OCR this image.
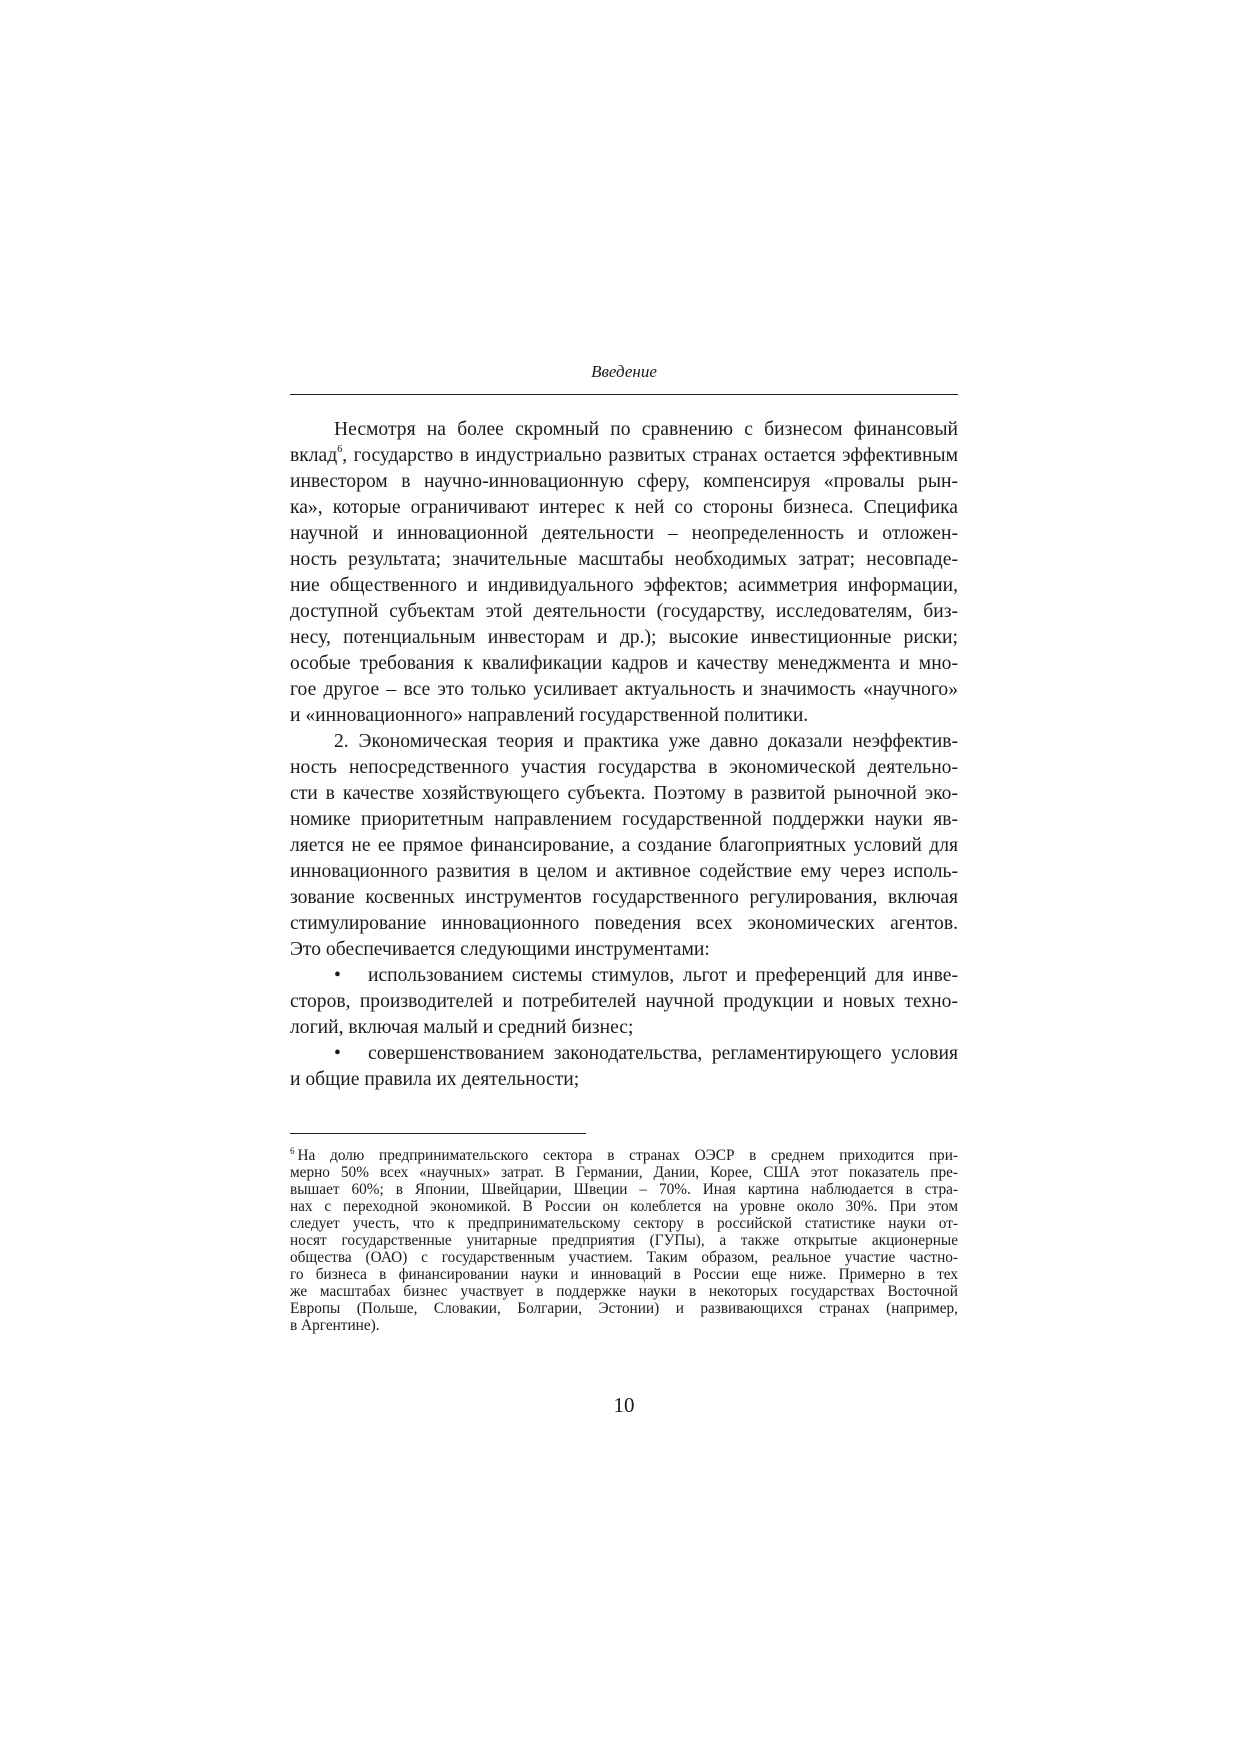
Введение
Несмотря на более скромный по сравнению с бизнесом финансовый
вклад$^6$, государство в индустриально развитых странах остается эффективным
инвестором в научно-инновационную сферу, компенсируя «провалы рын-
ка», которые ограничивают интерес к ней со стороны бизнеса. Специфика
научной и инновационной деятельности – неопределенность и отложен-
ность результата; значительные масштабы необходимых затрат; несовпаде-
ние общественного и индивидуального эффектов; асимметрия информации,
доступной субъектам этой деятельности (государству, исследователям, биз-
несу, потенциальным инвесторам и др.); высокие инвестиционные риски;
особые требования к квалификации кадров и качеству менеджмента и мно-
гое другое – все это только усиливает актуальность и значимость «научного»
и «инновационного» направлений государственной политики.
2. Экономическая теория и практика уже давно доказали неэффектив-
ность непосредственного участия государства в экономической деятельно-
сти в качестве хозяйствующего субъекта. Поэтому в развитой рыночной эко-
номике приоритетным направлением государственной поддержки науки яв-
ляется не ее прямое финансирование, а создание благоприятных условий для
инновационного развития в целом и активное содействие ему через исполь-
зование косвенных инструментов государственного регулирования, включая
стимулирование инновационного поведения всех экономических агентов.
Это обеспечивается следующими инструментами:
• использованием системы стимулов, льгот и преференций для инве-
сторов, производителей и потребителей научной продукции и новых техно-
логий, включая малый и средний бизнес;
• совершенствованием законодательства, регламентирующего условия
и общие правила их деятельности;
$^6$ На долю предпринимательского сектора в странах ОЭСР в среднем приходится при-
мерно 50% всех «научных» затрат. В Германии, Дании, Корее, США этот показатель пре-
вышает 60%; в Японии, Швейцарии, Швеции – 70%. Иная картина наблюдается в стра-
нах с переходной экономикой. В России он колеблется на уровне около 30%. При этом
следует учесть, что к предпринимательскому сектору в российской статистике науки от-
носят государственные унитарные предприятия (ГУПы), а также открытые акционерные
общества (ОАО) с государственным участием. Таким образом, реальное участие частно-
го бизнеса в финансировании науки и инноваций в России еще ниже. Примерно в тех
же масштабах бизнес участвует в поддержке науки в некоторых государствах Восточной
Европы (Польше, Словакии, Болгарии, Эстонии) и развивающихся странах (например,
в Аргентине).
10
